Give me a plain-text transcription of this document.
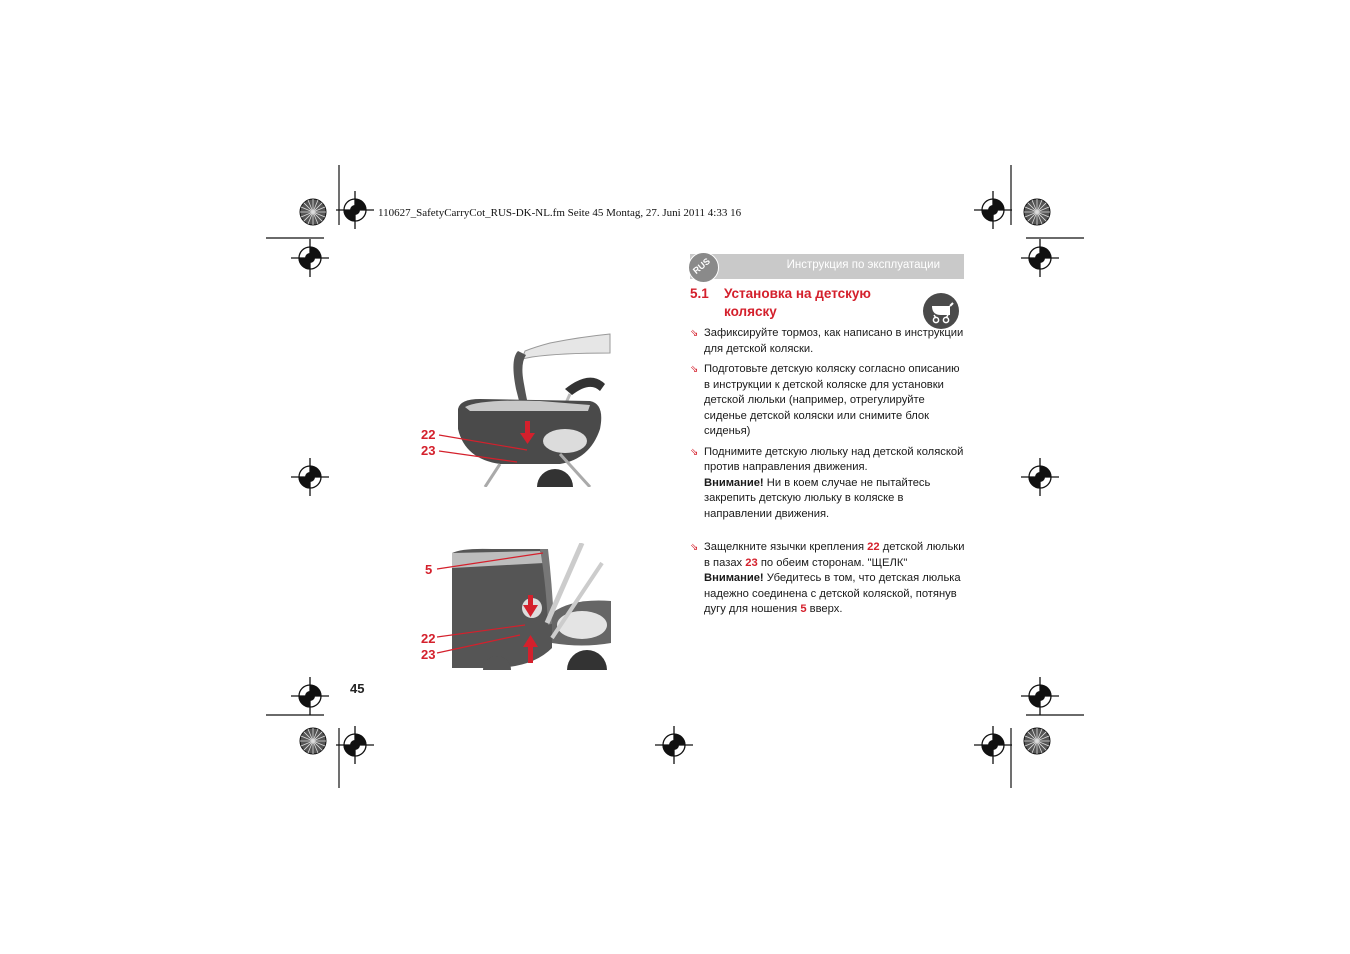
110627_SafetyCarryCot_RUS-DK-NL.fm Seite 45 Montag, 27. Juni 2011 4:33 16
Инструкция по эксплуатации
RUS
5.1 Установка на детскую
коляску

⇘ Зафиксируйте тормоз, как написано в инструкции для детской коляски.

⇘ Подготовьте детскую коляску согласно описанию в инструкции к детской коляске для установки детской люльки (например, отрегулируйте сиденье детской коляски или снимите блок сиденья)

⇘ Поднимите детскую люльку над детской коляской против направления движения.
Внимание! Ни в коем случае не пытайтесь закрепить детскую люльку в коляске в направлении движения.

⇘ Защелкните язычки крепления 22 детской люльки в пазах 23 по обеим сторонам. "ЩЕЛК"
Внимание! Убедитесь в том, что детская люлька надежно соединена с детской коляской, потянув дугу для ношения 5 вверх.

22
23
5
22
23
45
